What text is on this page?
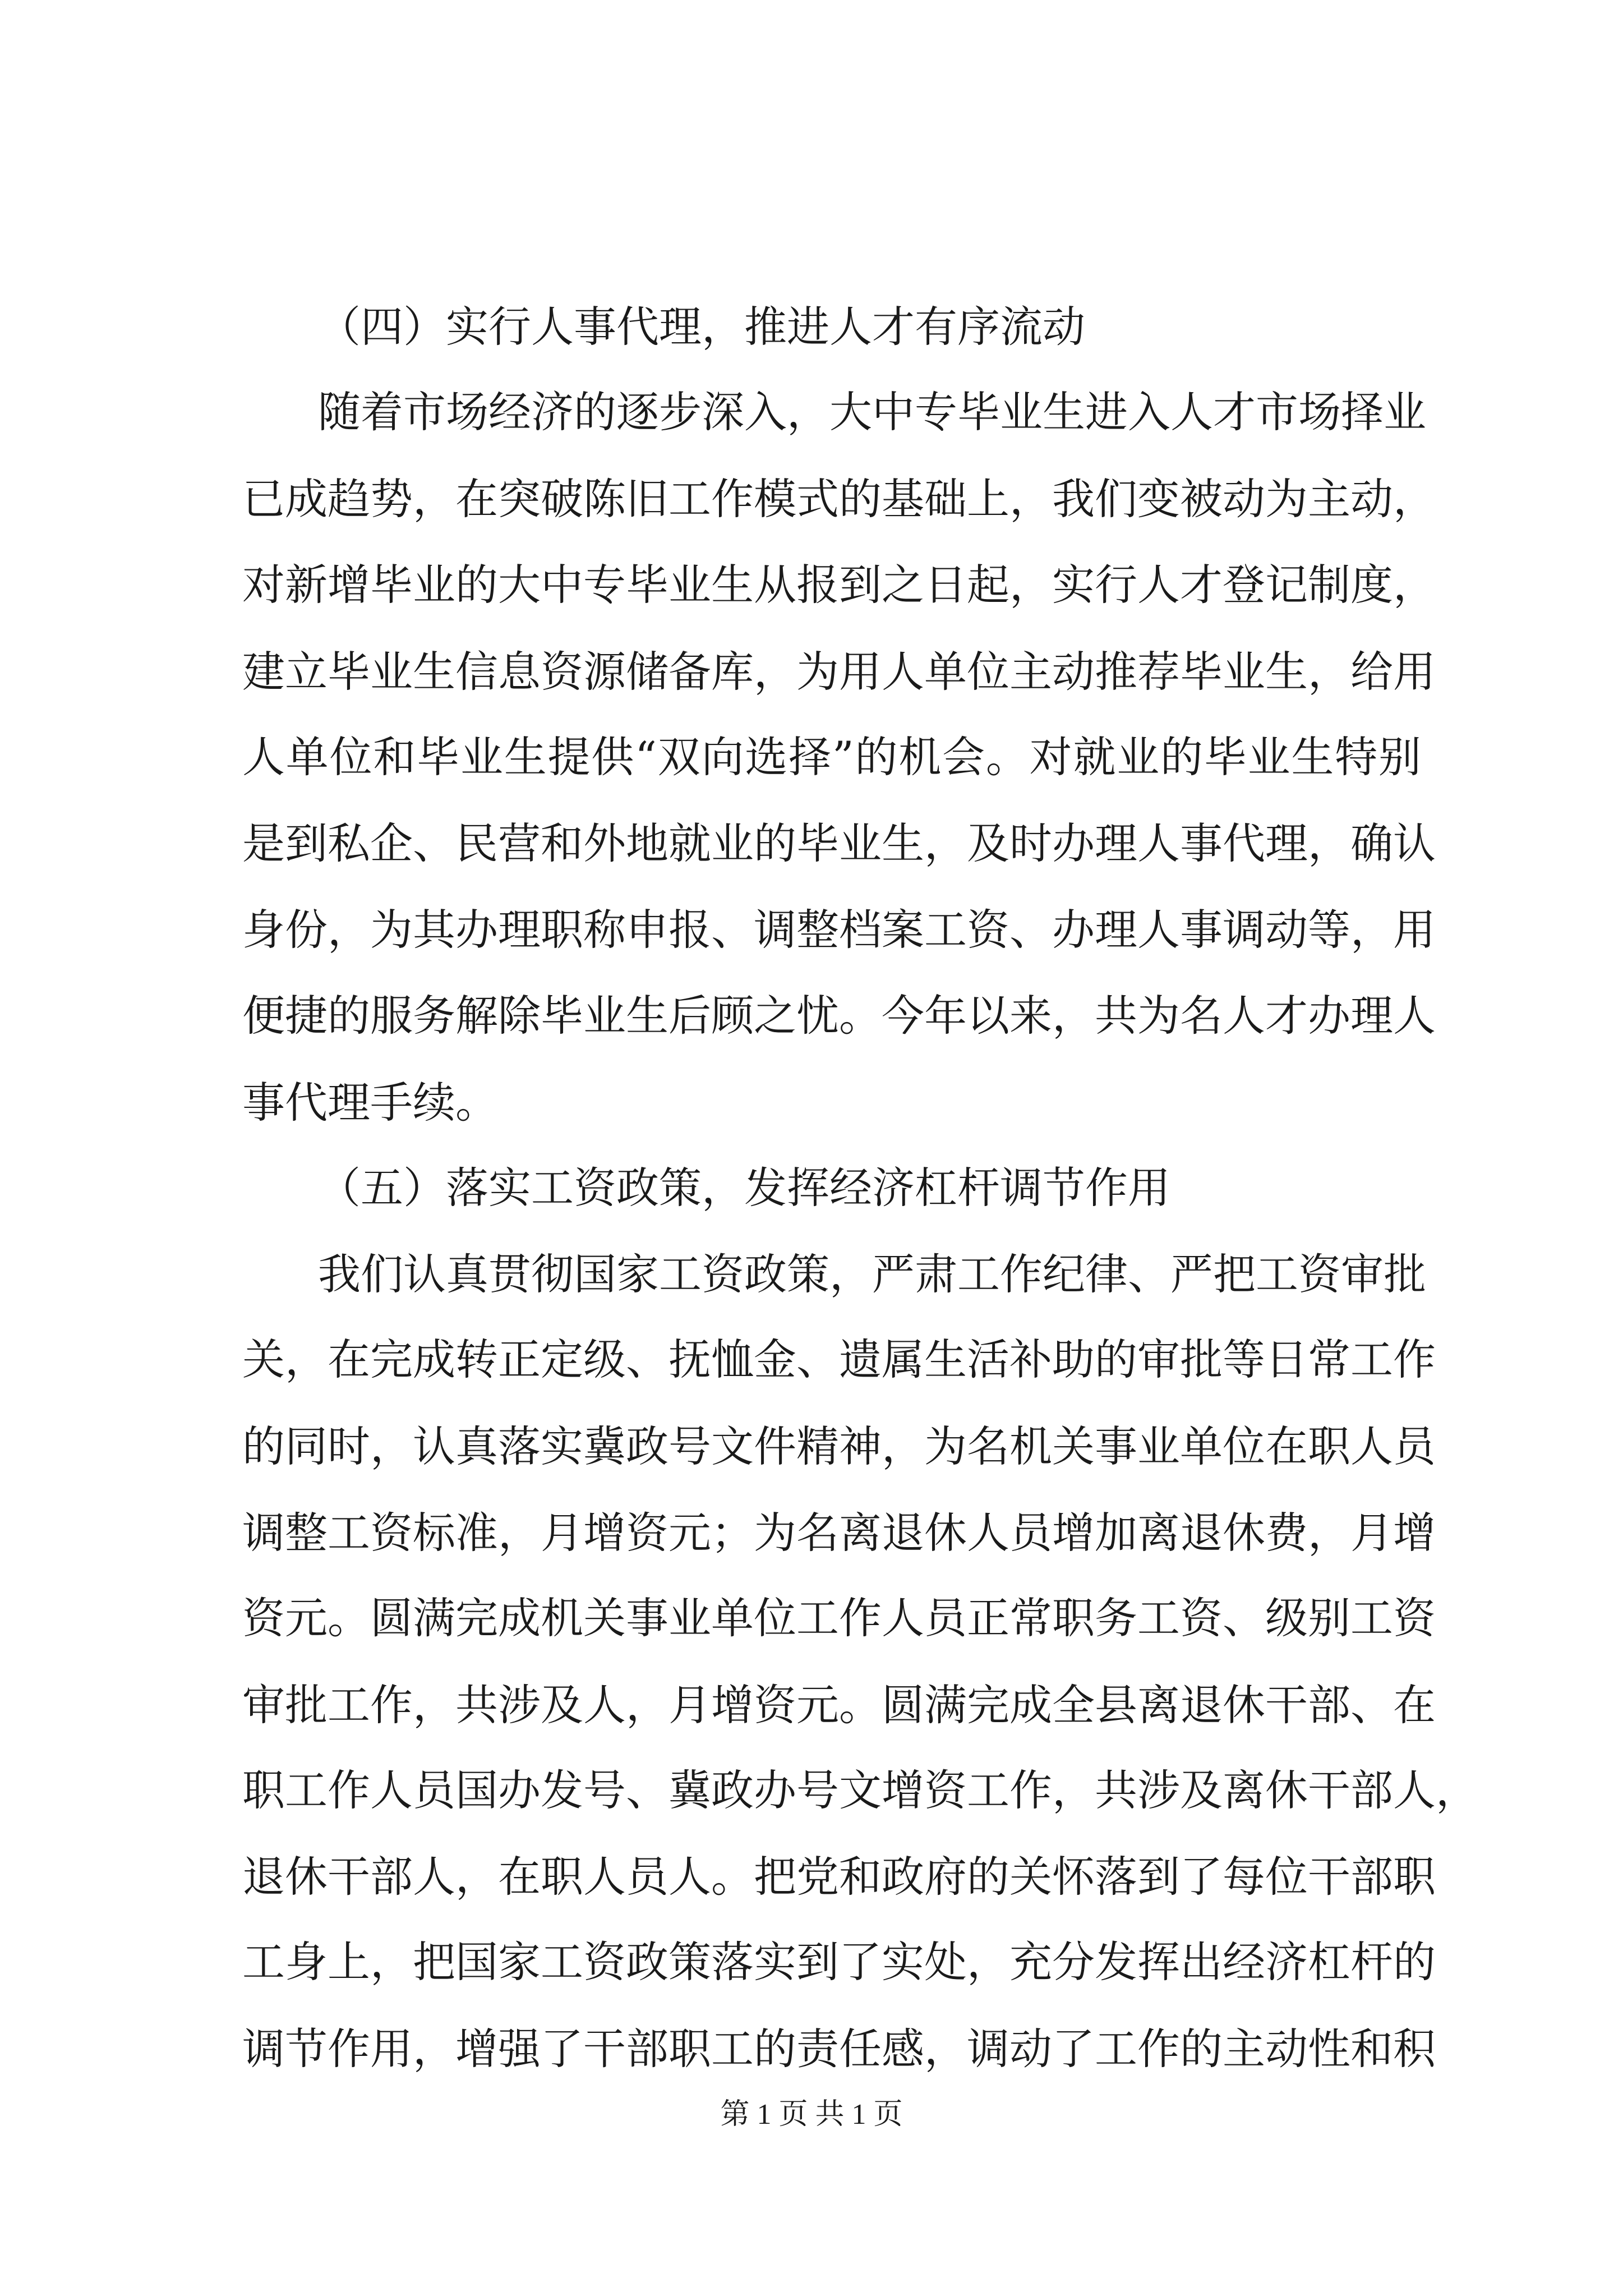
（四）实行人事代理，推进人才有序流动
随着市场经济的逐步深入，大中专毕业生进入人才市场择业
已成趋势，在突破陈旧工作模式的基础上，我们变被动为主动，
对新增毕业的大中专毕业生从报到之日起，实行人才登记制度，
建立毕业生信息资源储备库，为用人单位主动推荐毕业生，给用
人单位和毕业生提供“双向选择”的机会。对就业的毕业生特别
是到私企、民营和外地就业的毕业生，及时办理人事代理，确认
身份，为其办理职称申报、调整档案工资、办理人事调动等，用
便捷的服务解除毕业生后顾之忧。今年以来，共为名人才办理人
事代理手续。
（五）落实工资政策，发挥经济杠杆调节作用
我们认真贯彻国家工资政策，严肃工作纪律、严把工资审批
关，在完成转正定级、抚恤金、遗属生活补助的审批等日常工作
的同时，认真落实冀政号文件精神，为名机关事业单位在职人员
调整工资标准，月增资元；为名离退休人员增加离退休费，月增
资元。圆满完成机关事业单位工作人员正常职务工资、级别工资
审批工作，共涉及人，月增资元。圆满完成全县离退休干部、在
职工作人员国办发号、冀政办号文增资工作，共涉及离休干部人，
退休干部人，在职人员人。把党和政府的关怀落到了每位干部职
工身上，把国家工资政策落实到了实处，充分发挥出经济杠杆的
调节作用，增强了干部职工的责任感，调动了工作的主动性和积
第 1 页 共 1 页
